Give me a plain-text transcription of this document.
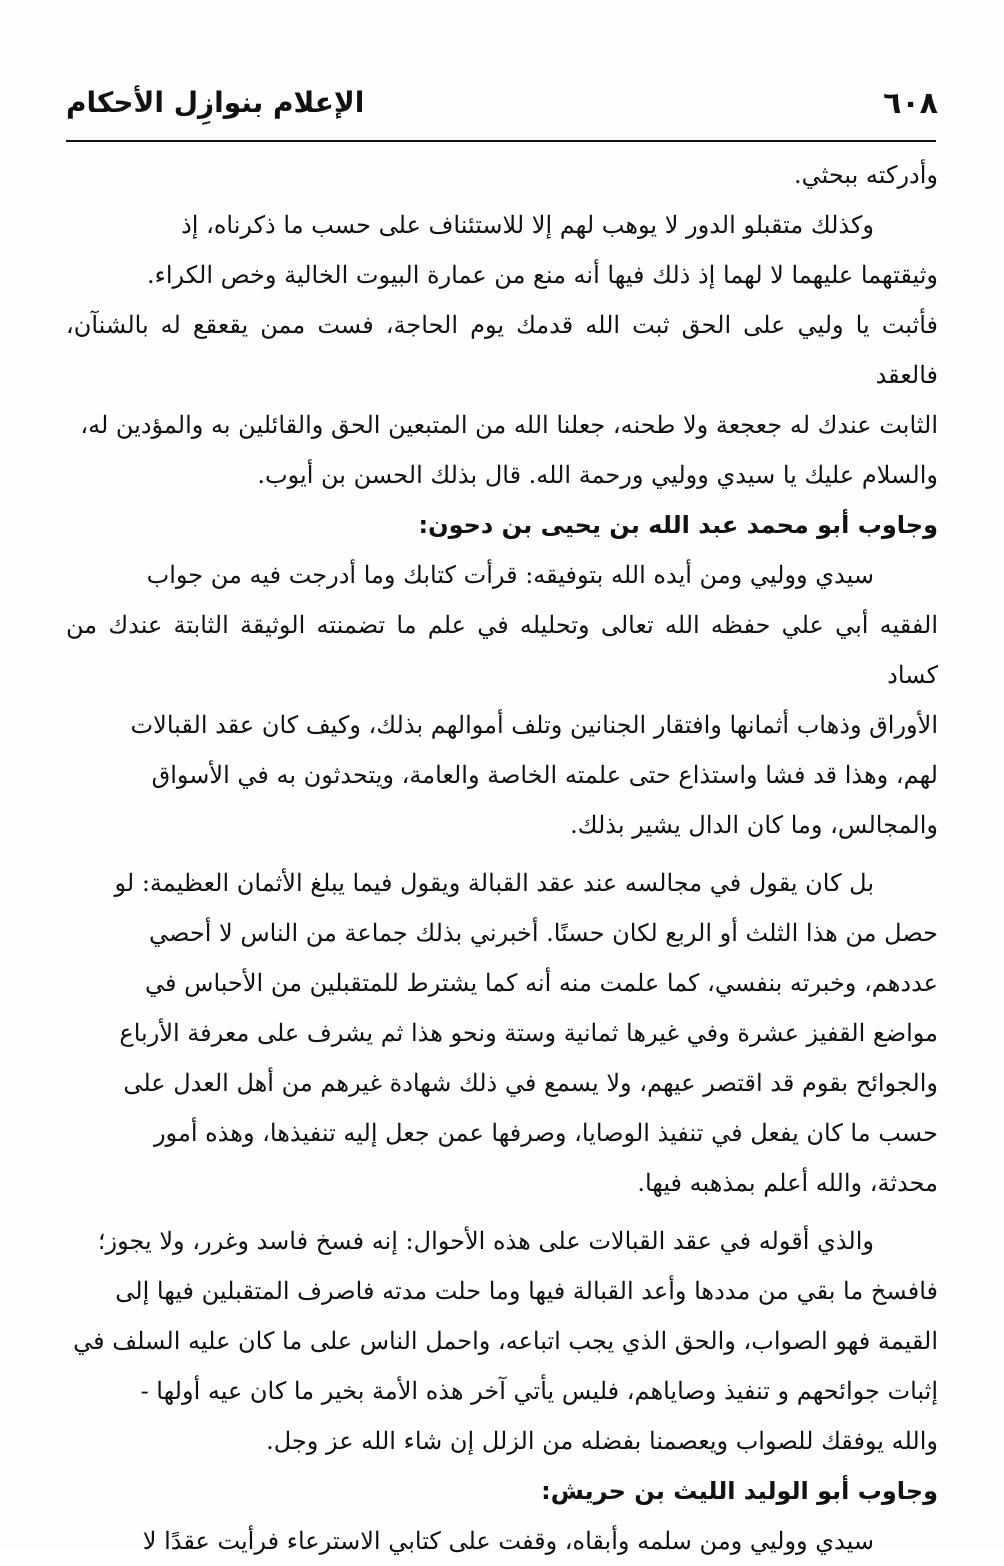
الإعلام بنوازِل الأحكام	٦٠٨

وأدركته ببحثي.

وكذلك متقبلو الدور لا يوهب لهم إلا للاستئناف على حسب ما ذكرناه، إذ

وثيقتهما عليهما لا لهما إذ ذلك فيها أنه منع من عمارة البيوت الخالية وخص الكراء.

فأثبت يا وليي على الحق ثبت الله قدمك يوم الحاجة، فست ممن يقعقع له بالشنآن، فالعقد

الثابت عندك له جعجعة ولا طحنه، جعلنا الله من المتبعين الحق والقائلين به والمؤدين له،

والسلام عليك يا سيدي ووليي ورحمة الله. قال بذلك الحسن بن أيوب.

وجاوب أبو محمد عبد الله بن يحيى بن دحون:

سيدي ووليي ومن أيده الله بتوفيقه: قرأت كتابك وما أدرجت فيه من جواب

الفقيه أبي علي حفظه الله تعالى وتحليله في علم ما تضمنته الوثيقة الثابتة عندك من كساد

الأوراق وذهاب أثمانها وافتقار الجنانين وتلف أموالهم بذلك، وكيف كان عقد القبالات

لهم، وهذا قد فشا واستذاع حتى علمته الخاصة والعامة، ويتحدثون به في الأسواق

والمجالس، وما كان الدال يشير بذلك.

بل كان يقول في مجالسه عند عقد القبالة ويقول فيما يبلغ الأثمان العظيمة: لو

حصل من هذا الثلث أو الربع لكان حسنًا. أخبرني بذلك جماعة من الناس لا أحصي

عددهم، وخبرته بنفسي، كما علمت منه أنه كما يشترط للمتقبلين من الأحباس في

مواضع القفيز عشرة وفي غيرها ثمانية وستة ونحو هذا ثم يشرف على معرفة الأرباع

والجوائح بقوم قد اقتصر عيهم، ولا يسمع في ذلك شهادة غيرهم من أهل العدل على

حسب ما كان يفعل في تنفيذ الوصايا، وصرفها عمن جعل إليه تنفيذها، وهذه أمور

محدثة، والله أعلم بمذهبه فيها.

والذي أقوله في عقد القبالات على هذه الأحوال: إنه فسخ فاسد وغرر، ولا يجوز؛

فافسخ ما بقي من مددها وأعد القبالة فيها وما حلت مدته فاصرف المتقبلين فيها إلى

القيمة فهو الصواب، والحق الذي يجب اتباعه، واحمل الناس على ما كان عليه السلف في

إثبات جوائحهم و تنفيذ وصاياهم، فليس يأتي آخر هذه الأمة بخير ما كان عيه أولها -

والله يوفقك للصواب ويعصمنا بفضله من الزلل إن شاء الله عز وجل.

وجاوب أبو الوليد الليث بن حريش:

سيدي ووليي ومن سلمه وأبقاه، وقفت على كتابي الاسترعاء فرأيت عقدًا لا
